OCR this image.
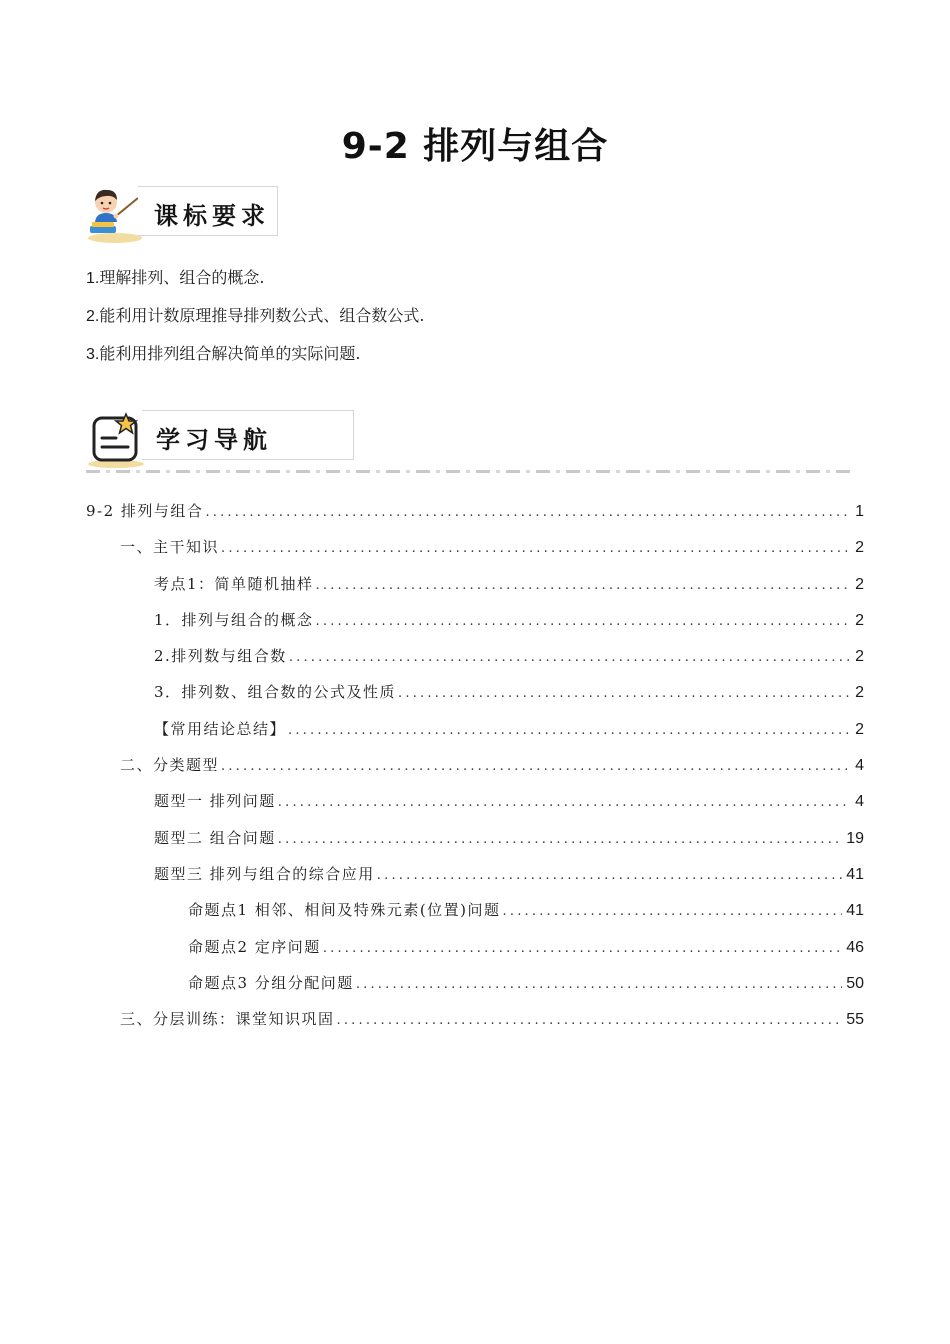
9-2 排列与组合
课标要求
1.理解排列、组合的概念.
2.能利用计数原理推导排列数公式、组合数公式.
3.能利用排列组合解决简单的实际问题.
学习导航
9-2 排列与组合 .....	1
一、主干知识 .....	2
考点1：简单随机抽样 .....	2
1．排列与组合的概念 .....	2
2.排列数与组合数 .....	2
3．排列数、组合数的公式及性质 .....	2
【常用结论总结】 .....	2
二、分类题型 .....	4
题型一 排列问题 .....	4
题型二 组合问题 .....	19
题型三 排列与组合的综合应用 .....	41
命题点1 相邻、相间及特殊元素(位置)问题 .....	41
命题点2 定序问题 .....	46
命题点3 分组分配问题 .....	50
三、分层训练：课堂知识巩固 .....	55
